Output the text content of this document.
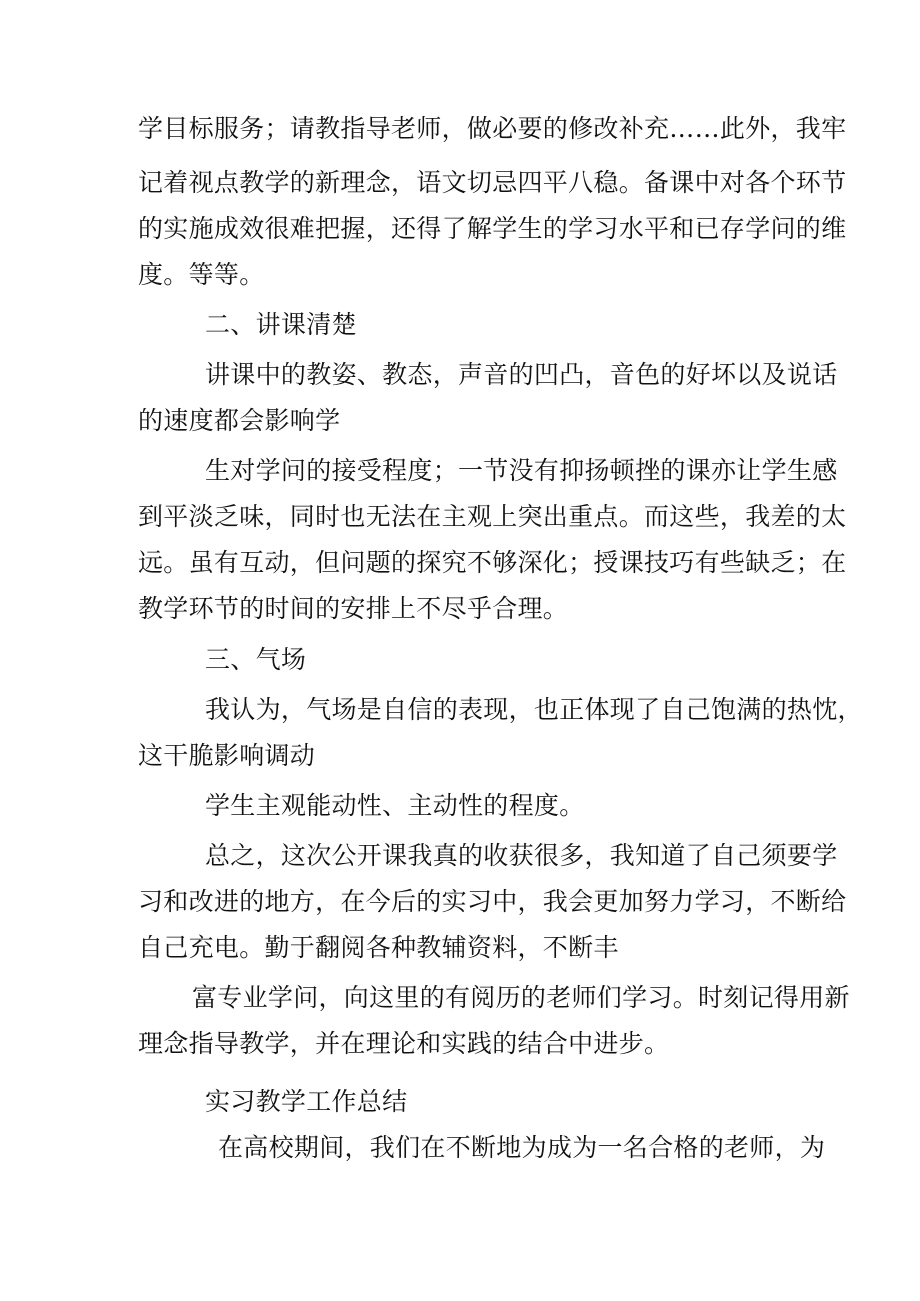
学目标服务；请教指导老师，做必要的修改补充……此外，我牢
记着视点教学的新理念，语文切忌四平八稳。备课中对各个环节
的实施成效很难把握，还得了解学生的学习水平和已存学问的维
度。等等。
二、讲课清楚
讲课中的教姿、教态，声音的凹凸，音色的好坏以及说话
的速度都会影响学
生对学问的接受程度；一节没有抑扬顿挫的课亦让学生感
到平淡乏味，同时也无法在主观上突出重点。而这些，我差的太
远。虽有互动，但问题的探究不够深化；授课技巧有些缺乏；在
教学环节的时间的安排上不尽乎合理。
三、气场
我认为，气场是自信的表现，也正体现了自己饱满的热忱，
这干脆影响调动
学生主观能动性、主动性的程度。
总之，这次公开课我真的收获很多，我知道了自己须要学
习和改进的地方，在今后的实习中，我会更加努力学习，不断给
自己充电。勤于翻阅各种教辅资料，不断丰
富专业学问，向这里的有阅历的老师们学习。时刻记得用新
理念指导教学，并在理论和实践的结合中进步。
实习教学工作总结
在高校期间，我们在不断地为成为一名合格的老师，为
